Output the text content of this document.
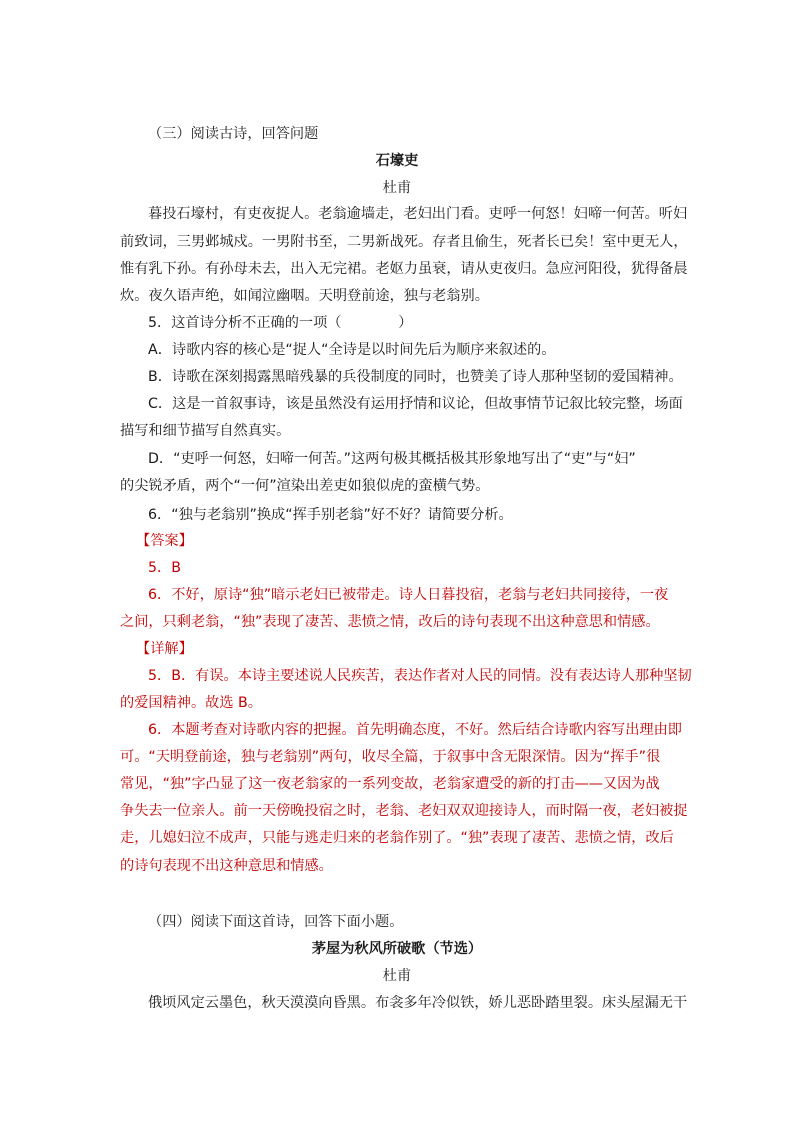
（三）阅读古诗，回答问题
石壕吏
杜甫
暮投石壕村，有吏夜捉人。老翁逾墙走，老妇出门看。吏呼一何怒！妇啼一何苦。听妇
前致词，三男邺城戍。一男附书至，二男新战死。存者且偷生，死者长已矣！室中更无人，
惟有乳下孙。有孙母未去，出入无完裙。老妪力虽衰，请从吏夜归。急应河阳役，犹得备晨
炊。夜久语声绝，如闻泣幽咽。天明登前途，独与老翁别。
5．这首诗分析不正确的一项（　　　　）
A．诗歌内容的核心是“捉人“全诗是以时间先后为顺序来叙述的。
B．诗歌在深刻揭露黑暗残暴的兵役制度的同时，也赞美了诗人那种坚韧的爱国精神。
C．这是一首叙事诗，该是虽然没有运用抒情和议论，但故事情节记叙比较完整，场面
描写和细节描写自然真实。
D．“吏呼一何怒，妇啼一何苦。”这两句极其概括极其形象地写出了“吏”与“妇”
的尖锐矛盾，两个“一何”渲染出差吏如狼似虎的蛮横气势。
6．“独与老翁别”换成“挥手别老翁”好不好？请简要分析。
【答案】
5．B
6．不好，原诗“独”暗示老妇已被带走。诗人日暮投宿，老翁与老妇共同接待，一夜
之间，只剩老翁，“独”表现了凄苦、悲愤之情，改后的诗句表现不出这种意思和情感。
【详解】
5．B．有误。本诗主要述说人民疾苦，表达作者对人民的同情。没有表达诗人那种坚韧
的爱国精神。故选 B。
6．本题考查对诗歌内容的把握。首先明确态度，不好。然后结合诗歌内容写出理由即
可。“天明登前途，独与老翁别”两句，收尽全篇，于叙事中含无限深情。因为“挥手”很
常见，“独”字凸显了这一夜老翁家的一系列变故，老翁家遭受的新的打击——又因为战
争失去一位亲人。前一天傍晚投宿之时，老翁、老妇双双迎接诗人，而时隔一夜，老妇被捉
走，儿媳妇泣不成声，只能与逃走归来的老翁作别了。“独”表现了凄苦、悲愤之情，改后
的诗句表现不出这种意思和情感。
（四）阅读下面这首诗，回答下面小题。
茅屋为秋风所破歌（节选）
杜甫
俄顷风定云墨色，秋天漠漠向昏黑。布衾多年冷似铁，娇儿恶卧踏里裂。床头屋漏无干
